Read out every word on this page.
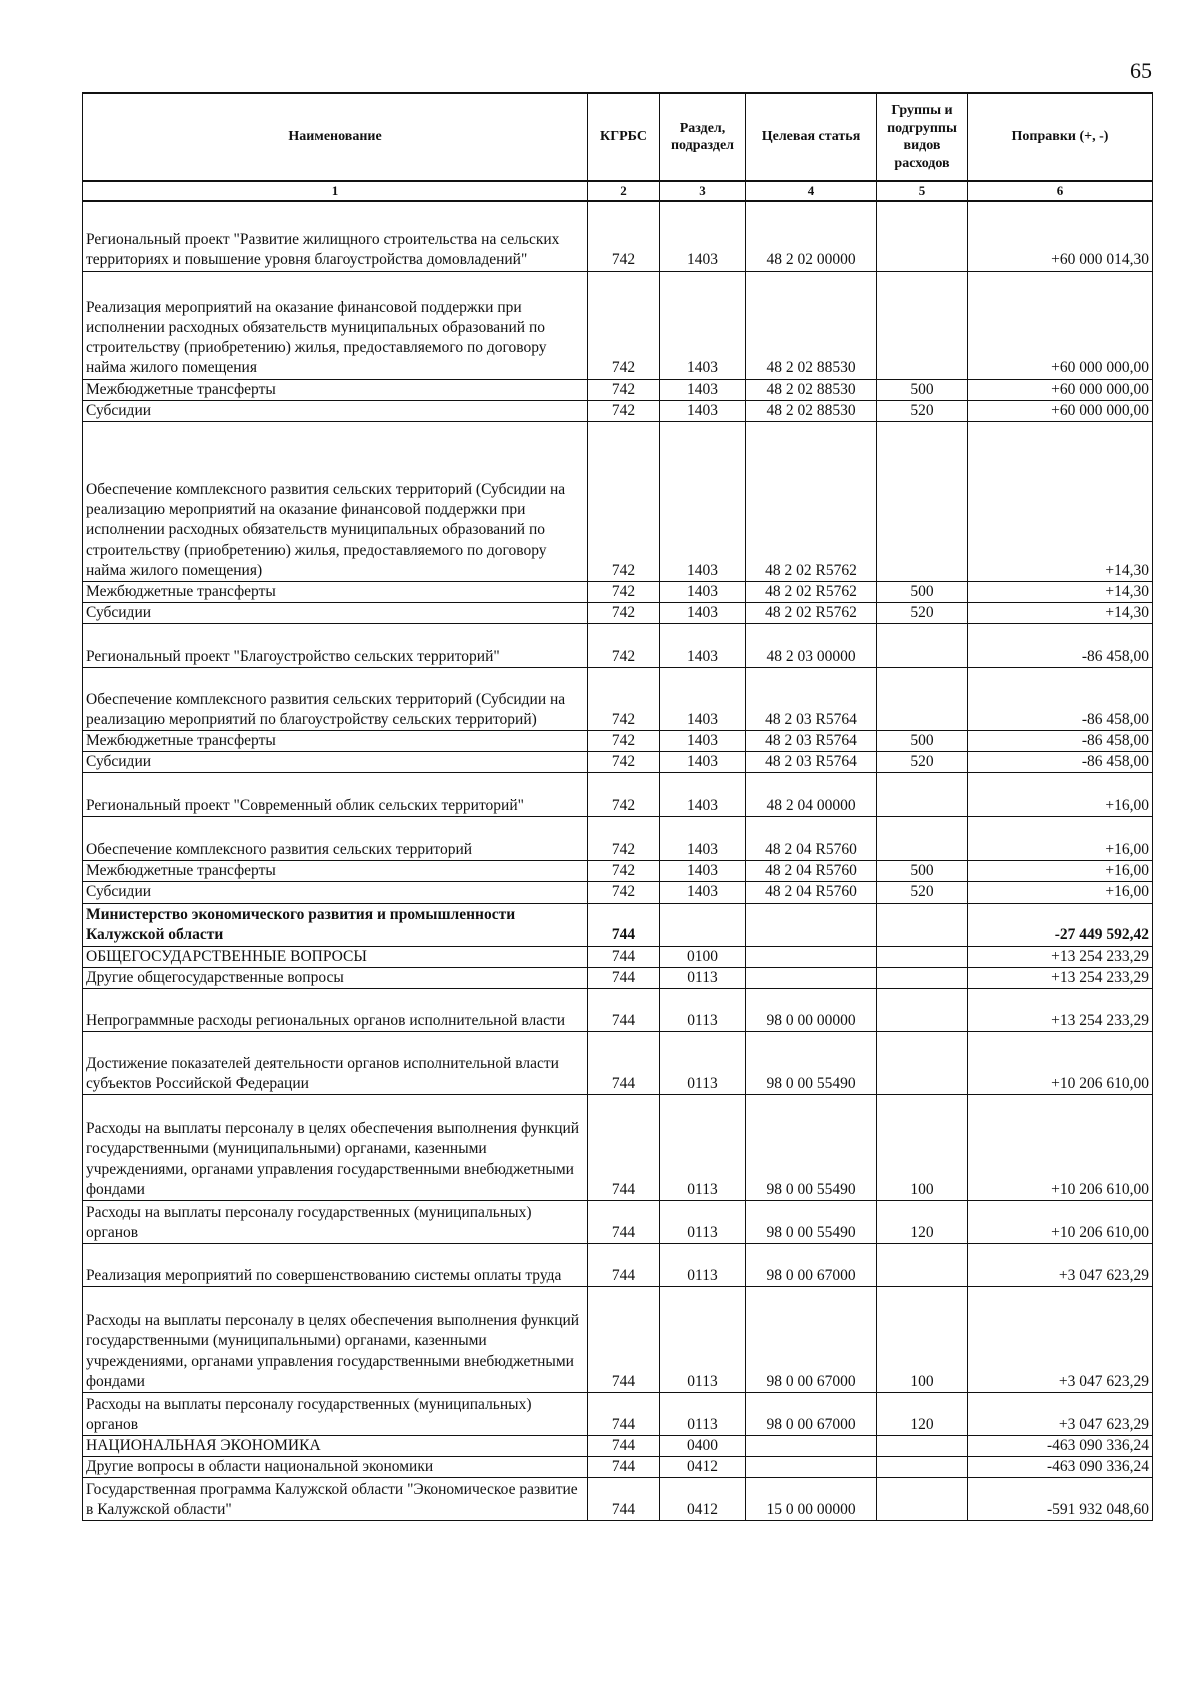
65
Наименование	КГРБС	Раздел, подраздел	Целевая статья	Группы и подгруппы видов расходов	Поправки (+, -)
1	2	3	4	5	6
Региональный проект "Развитие жилищного строительства на сельских территориях и повышение уровня благоустройства домовладений"	742	1403	48 2 02 00000		+60 000 014,30
Реализация мероприятий на оказание финансовой поддержки при исполнении расходных обязательств муниципальных образований по строительству (приобретению) жилья, предоставляемого по договору найма жилого помещения	742	1403	48 2 02 88530		+60 000 000,00
Межбюджетные трансферты	742	1403	48 2 02 88530	500	+60 000 000,00
Субсидии	742	1403	48 2 02 88530	520	+60 000 000,00
Обеспечение комплексного развития сельских территорий (Субсидии на реализацию мероприятий на оказание финансовой поддержки при исполнении расходных обязательств муниципальных образований по строительству (приобретению) жилья, предоставляемого по договору найма жилого помещения)	742	1403	48 2 02 R5762		+14,30
Межбюджетные трансферты	742	1403	48 2 02 R5762	500	+14,30
Субсидии	742	1403	48 2 02 R5762	520	+14,30
Региональный проект "Благоустройство сельских территорий"	742	1403	48 2 03 00000		-86 458,00
Обеспечение комплексного развития сельских территорий (Субсидии на реализацию мероприятий по благоустройству сельских территорий)	742	1403	48 2 03 R5764		-86 458,00
Межбюджетные трансферты	742	1403	48 2 03 R5764	500	-86 458,00
Субсидии	742	1403	48 2 03 R5764	520	-86 458,00
Региональный проект "Современный облик сельских территорий"	742	1403	48 2 04 00000		+16,00
Обеспечение комплексного развития сельских территорий	742	1403	48 2 04 R5760		+16,00
Межбюджетные трансферты	742	1403	48 2 04 R5760	500	+16,00
Субсидии	742	1403	48 2 04 R5760	520	+16,00
Министерство экономического развития и промышленности Калужской области	744				-27 449 592,42
ОБЩЕГОСУДАРСТВЕННЫЕ ВОПРОСЫ	744	0100			+13 254 233,29
Другие общегосударственные вопросы	744	0113			+13 254 233,29
Непрограммные расходы региональных органов исполнительной власти	744	0113	98 0 00 00000		+13 254 233,29
Достижение показателей деятельности органов исполнительной власти субъектов Российской Федерации	744	0113	98 0 00 55490		+10 206 610,00
Расходы на выплаты персоналу в целях обеспечения выполнения функций государственными (муниципальными) органами, казенными учреждениями, органами управления государственными внебюджетными фондами	744	0113	98 0 00 55490	100	+10 206 610,00
Расходы на выплаты персоналу государственных (муниципальных) органов	744	0113	98 0 00 55490	120	+10 206 610,00
Реализация мероприятий по совершенствованию системы оплаты труда	744	0113	98 0 00 67000		+3 047 623,29
Расходы на выплаты персоналу в целях обеспечения выполнения функций государственными (муниципальными) органами, казенными учреждениями, органами управления государственными внебюджетными фондами	744	0113	98 0 00 67000	100	+3 047 623,29
Расходы на выплаты персоналу государственных (муниципальных) органов	744	0113	98 0 00 67000	120	+3 047 623,29
НАЦИОНАЛЬНАЯ ЭКОНОМИКА	744	0400			-463 090 336,24
Другие вопросы в области национальной экономики	744	0412			-463 090 336,24
Государственная программа Калужской области "Экономическое развитие в Калужской области"	744	0412	15 0 00 00000		-591 932 048,60
